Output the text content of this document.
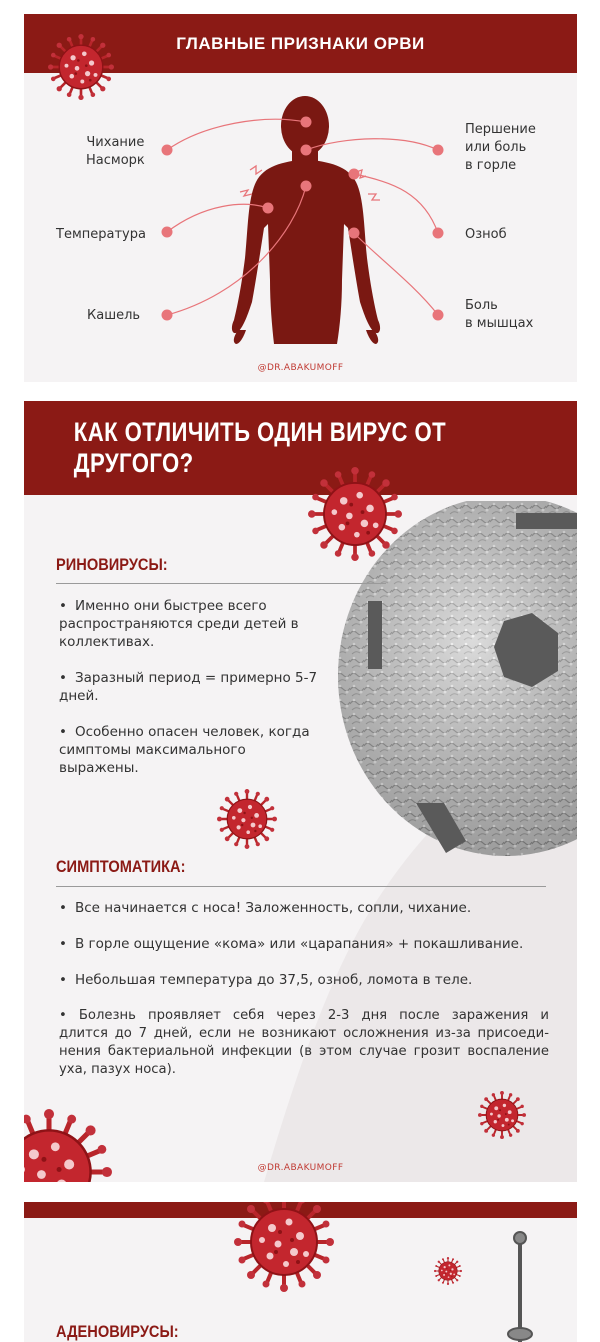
ГЛАВНЫЕ ПРИЗНАКИ ОРВИ
Чихание
Насморк
Температура
Кашель
Першение
или боль
в горле
Озноб
Боль
в мышцах
@DR.ABAKUMOFF
КАК ОТЛИЧИТЬ ОДИН ВИРУС ОТ ДРУГОГО?
РИНОВИРУСЫ:
• Именно они быстрее всего
распространяются среди детей в
коллективах.
• Заразный период = примерно 5-7
дней.
• Особенно опасен человек, когда
симптомы максимального
выражены.
СИМПТОМАТИКА:
• Все начинается с носа! Заложенность, сопли, чихание.
• В горле ощущение «кома» или «царапания» + покашливание.
• Небольшая температура до 37,5, озноб, ломота в теле.
• Болезнь проявляет себя через 2-3 дня после заражения и
длится до 7 дней, если не возникают осложнения из-за присоеди-
нения бактериальной инфекции (в этом случае грозит воспаление
уха, пазух носа).
@DR.ABAKUMOFF
АДЕНОВИРУСЫ:
